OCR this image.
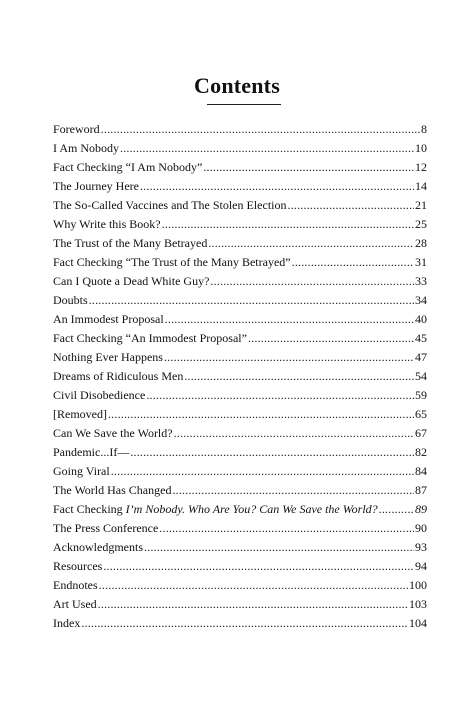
Contents
Foreword .....	8
I Am Nobody .....	10
Fact Checking “I Am Nobody” .....	12
The Journey Here .....	14
The So-Called Vaccines and The Stolen Election .....	21
Why Write this Book? .....	25
The Trust of the Many Betrayed .....	28
Fact Checking “The Trust of the Many Betrayed” .....	31
Can I Quote a Dead White Guy? .....	33
Doubts .....	34
An Immodest Proposal .....	40
Fact Checking “An Immodest Proposal” .....	45
Nothing Ever Happens .....	47
Dreams of Ridiculous Men .....	54
Civil Disobedience .....	59
[Removed] .....	65
Can We Save the World? .....	67
Pandemic...If— .....	82
Going Viral .....	84
The World Has Changed .....	87
Fact Checking I’m Nobody. Who Are You? Can We Save the World? .....	89
The Press Conference .....	90
Acknowledgments .....	93
Resources .....	94
Endnotes .....	100
Art Used .....	103
Index .....	104
